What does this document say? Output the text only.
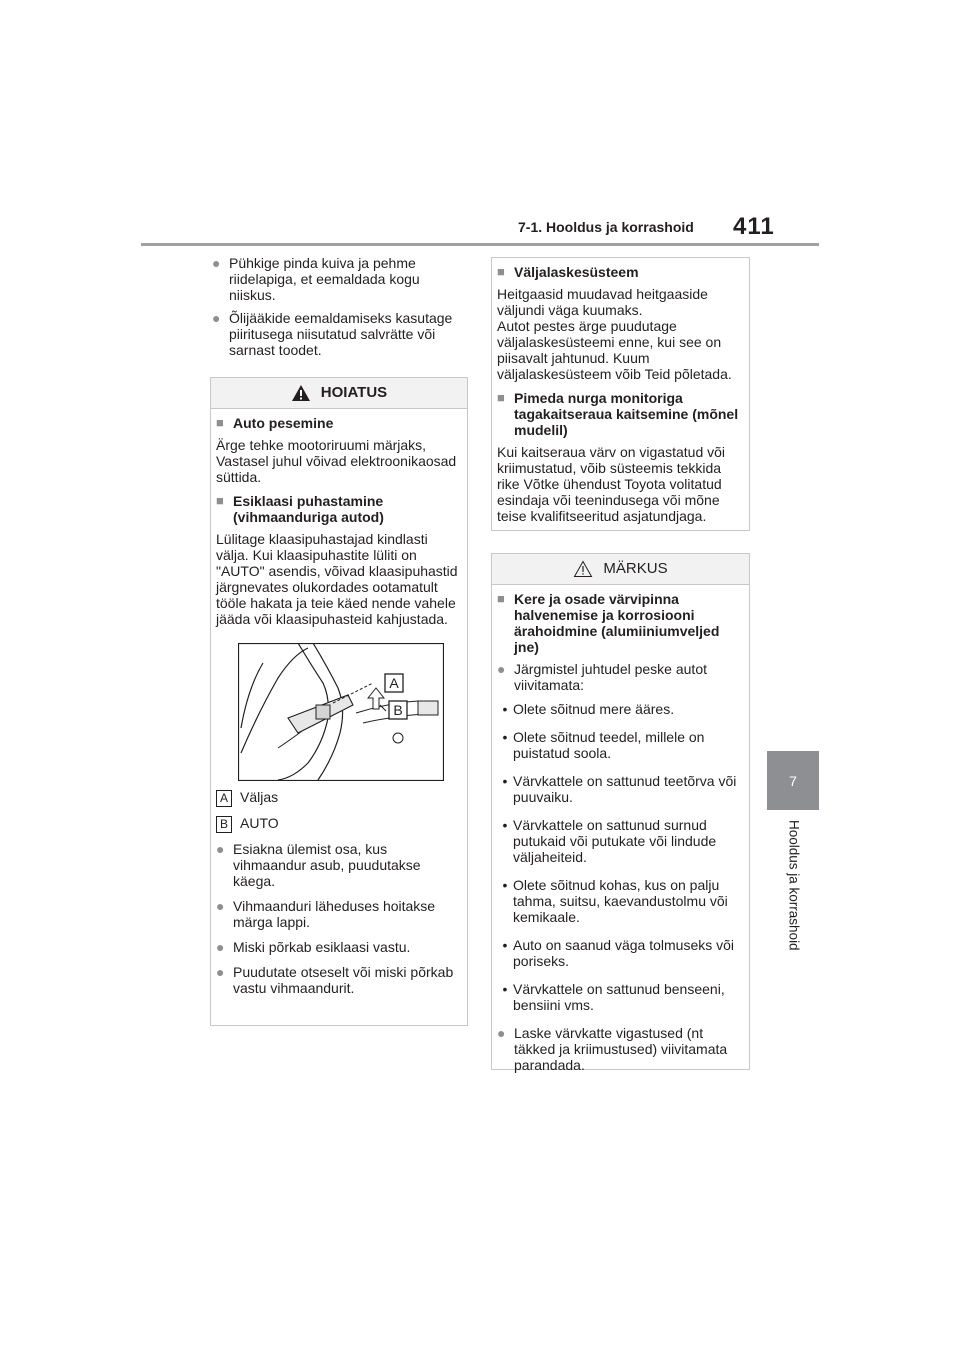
7-1. Hooldus ja korrashoid 411
7
Hooldus ja korrashoid

● Pühkige pinda kuiva ja pehme riidelapiga, et eemaldada kogu niiskus.

● Õlijääkide eemaldamiseks kasutage piiritusega niisutatud salvrätte või sarnast toodet.

HOIATUS

■ Auto pesemine

Ärge tehke mootoriruumi märjaks, Vastasel juhul võivad elektroonikaosad süttida.

■ Esiklaasi puhastamine (vihmaanduriga autod)

Lülitage klaasipuhastajad kindlasti välja. Kui klaasipuhastite lüliti on "AUTO" asendis, võivad klaasipuhastid järgnevates olukordades ootamatult tööle hakata ja teie käed nende vahele jääda või klaasipuhasteid kahjustada.

A
B

A Väljas

B AUTO

● Esiakna ülemist osa, kus vihmaandur asub, puudutakse käega.

● Vihmaanduri läheduses hoitakse märga lappi.

● Miski põrkab esiklaasi vastu.

● Puudutate otseselt või miski põrkab vastu vihmaandurit.

■ Väljalaskesüsteem

Heitgaasid muudavad heitgaaside väljundi väga kuumaks.

Autot pestes ärge puudutage väljalaskesüsteemi enne, kui see on piisavalt jahtunud. Kuum väljalaskesüsteem võib Teid põletada.

■ Pimeda nurga monitoriga tagakaitseraua kaitsemine (mõnel mudelil)

Kui kaitseraua värv on vigastatud või kriimustatud, võib süsteemis tekkida rike Võtke ühendust Toyota volitatud esindaja või teenindusega või mõne teise kvalifitseeritud asjatundjaga.

MÄRKUS

■ Kere ja osade värvipinna halvenemise ja korrosiooni ärahoidmine (alumiiniumveljed jne)

● Järgmistel juhtudel peske autot viivitamata:

• Olete sõitnud mere ääres.

• Olete sõitnud teedel, millele on puistatud soola.

• Värvkattele on sattunud teetõrva või puuvaiku.

• Värvkattele on sattunud surnud putukaid või putukate või lindude väljaheiteid.

• Olete sõitnud kohas, kus on palju tahma, suitsu, kaevandustolmu või kemikaale.

• Auto on saanud väga tolmuseks või poriseks.

• Värvkattele on sattunud benseeni, bensiini vms.

● Laske värvkatte vigastused (nt täkked ja kriimustused) viivitamata parandada.
